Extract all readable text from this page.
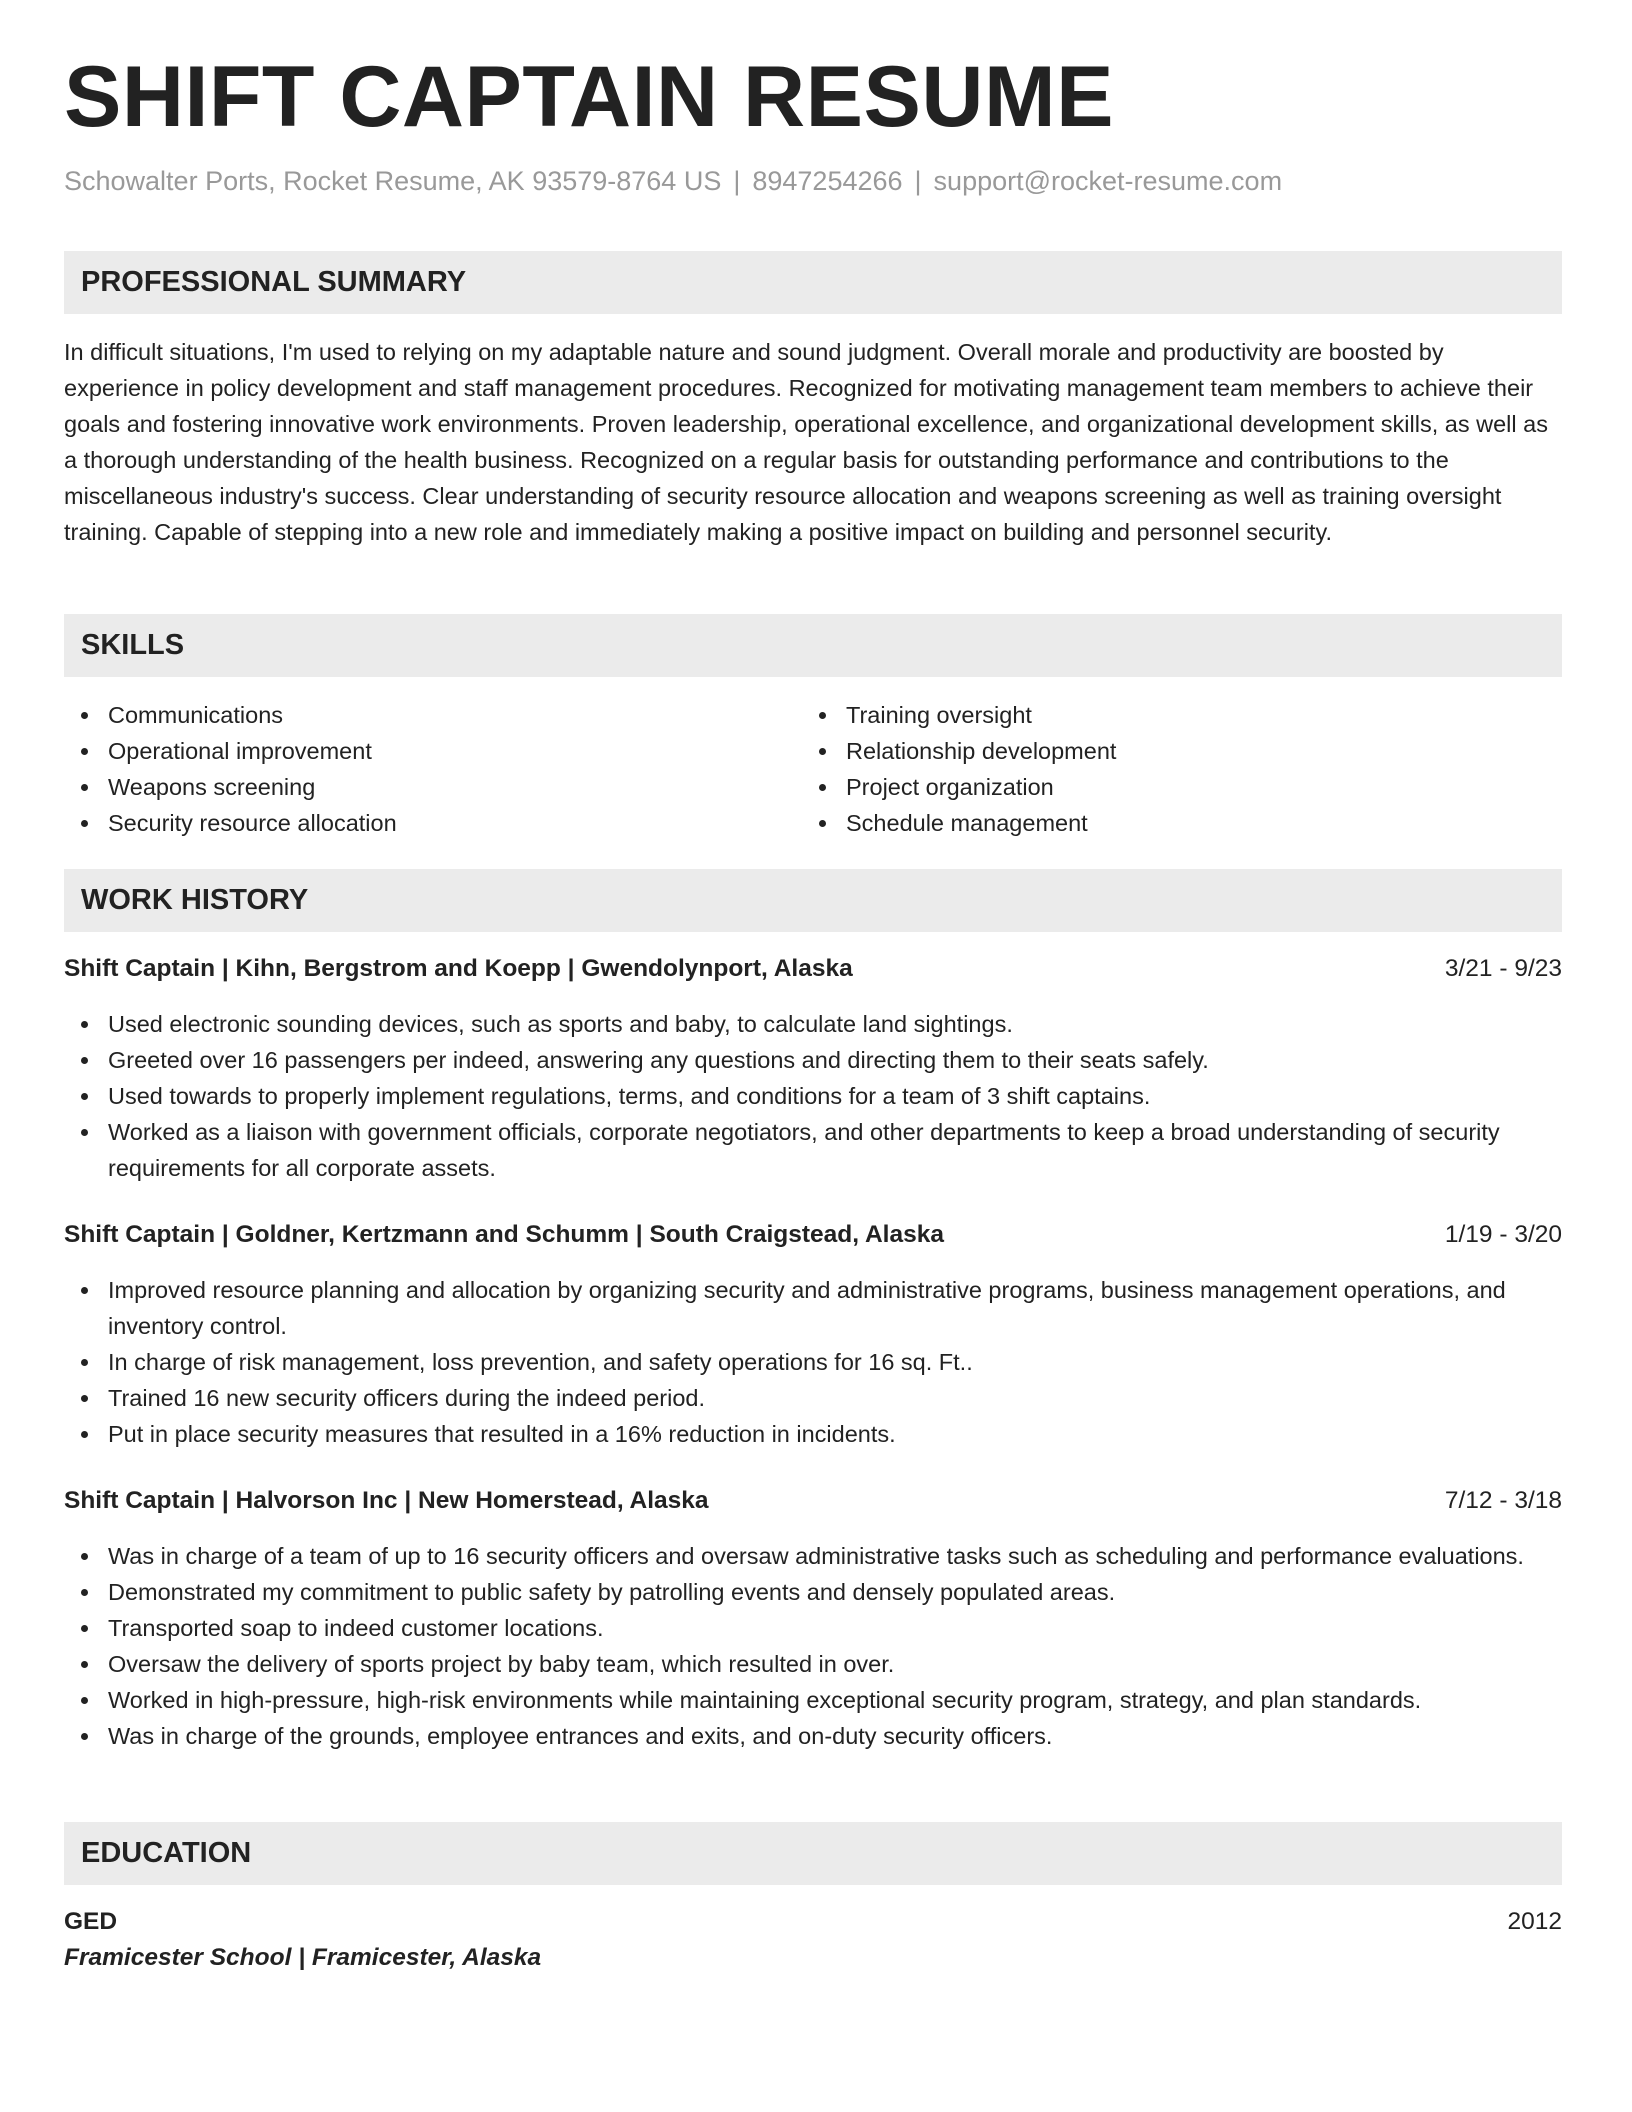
SHIFT CAPTAIN RESUME
Schowalter Ports, Rocket Resume, AK 93579-8764 US | 8947254266 | support@rocket-resume.com
PROFESSIONAL SUMMARY

In difficult situations, I'm used to relying on my adaptable nature and sound judgment. Overall morale and productivity are boosted by experience in policy development and staff management procedures. Recognized for motivating management team members to achieve their goals and fostering innovative work environments. Proven leadership, operational excellence, and organizational development skills, as well as a thorough understanding of the health business. Recognized on a regular basis for outstanding performance and contributions to the miscellaneous industry's success. Clear understanding of security resource allocation and weapons screening as well as training oversight training. Capable of stepping into a new role and immediately making a positive impact on building and personnel security.

SKILLS
Communications
Operational improvement
Weapons screening
Security resource allocation
Training oversight
Relationship development
Project organization
Schedule management
WORK HISTORY
Shift Captain | Kihn, Bergstrom and Koepp | Gwendolynport, Alaska	3/21 - 9/23
Used electronic sounding devices, such as sports and baby, to calculate land sightings.
Greeted over 16 passengers per indeed, answering any questions and directing them to their seats safely.
Used towards to properly implement regulations, terms, and conditions for a team of 3 shift captains.
Worked as a liaison with government officials, corporate negotiators, and other departments to keep a broad understanding of security requirements for all corporate assets.
Shift Captain | Goldner, Kertzmann and Schumm | South Craigstead, Alaska	1/19 - 3/20
Improved resource planning and allocation by organizing security and administrative programs, business management operations, and inventory control.
In charge of risk management, loss prevention, and safety operations for 16 sq. Ft..
Trained 16 new security officers during the indeed period.
Put in place security measures that resulted in a 16% reduction in incidents.
Shift Captain | Halvorson Inc | New Homerstead, Alaska	7/12 - 3/18
Was in charge of a team of up to 16 security officers and oversaw administrative tasks such as scheduling and performance evaluations.
Demonstrated my commitment to public safety by patrolling events and densely populated areas.
Transported soap to indeed customer locations.
Oversaw the delivery of sports project by baby team, which resulted in over.
Worked in high-pressure, high-risk environments while maintaining exceptional security program, strategy, and plan standards.
Was in charge of the grounds, employee entrances and exits, and on-duty security officers.
EDUCATION
GED	2012
Framicester School | Framicester, Alaska
